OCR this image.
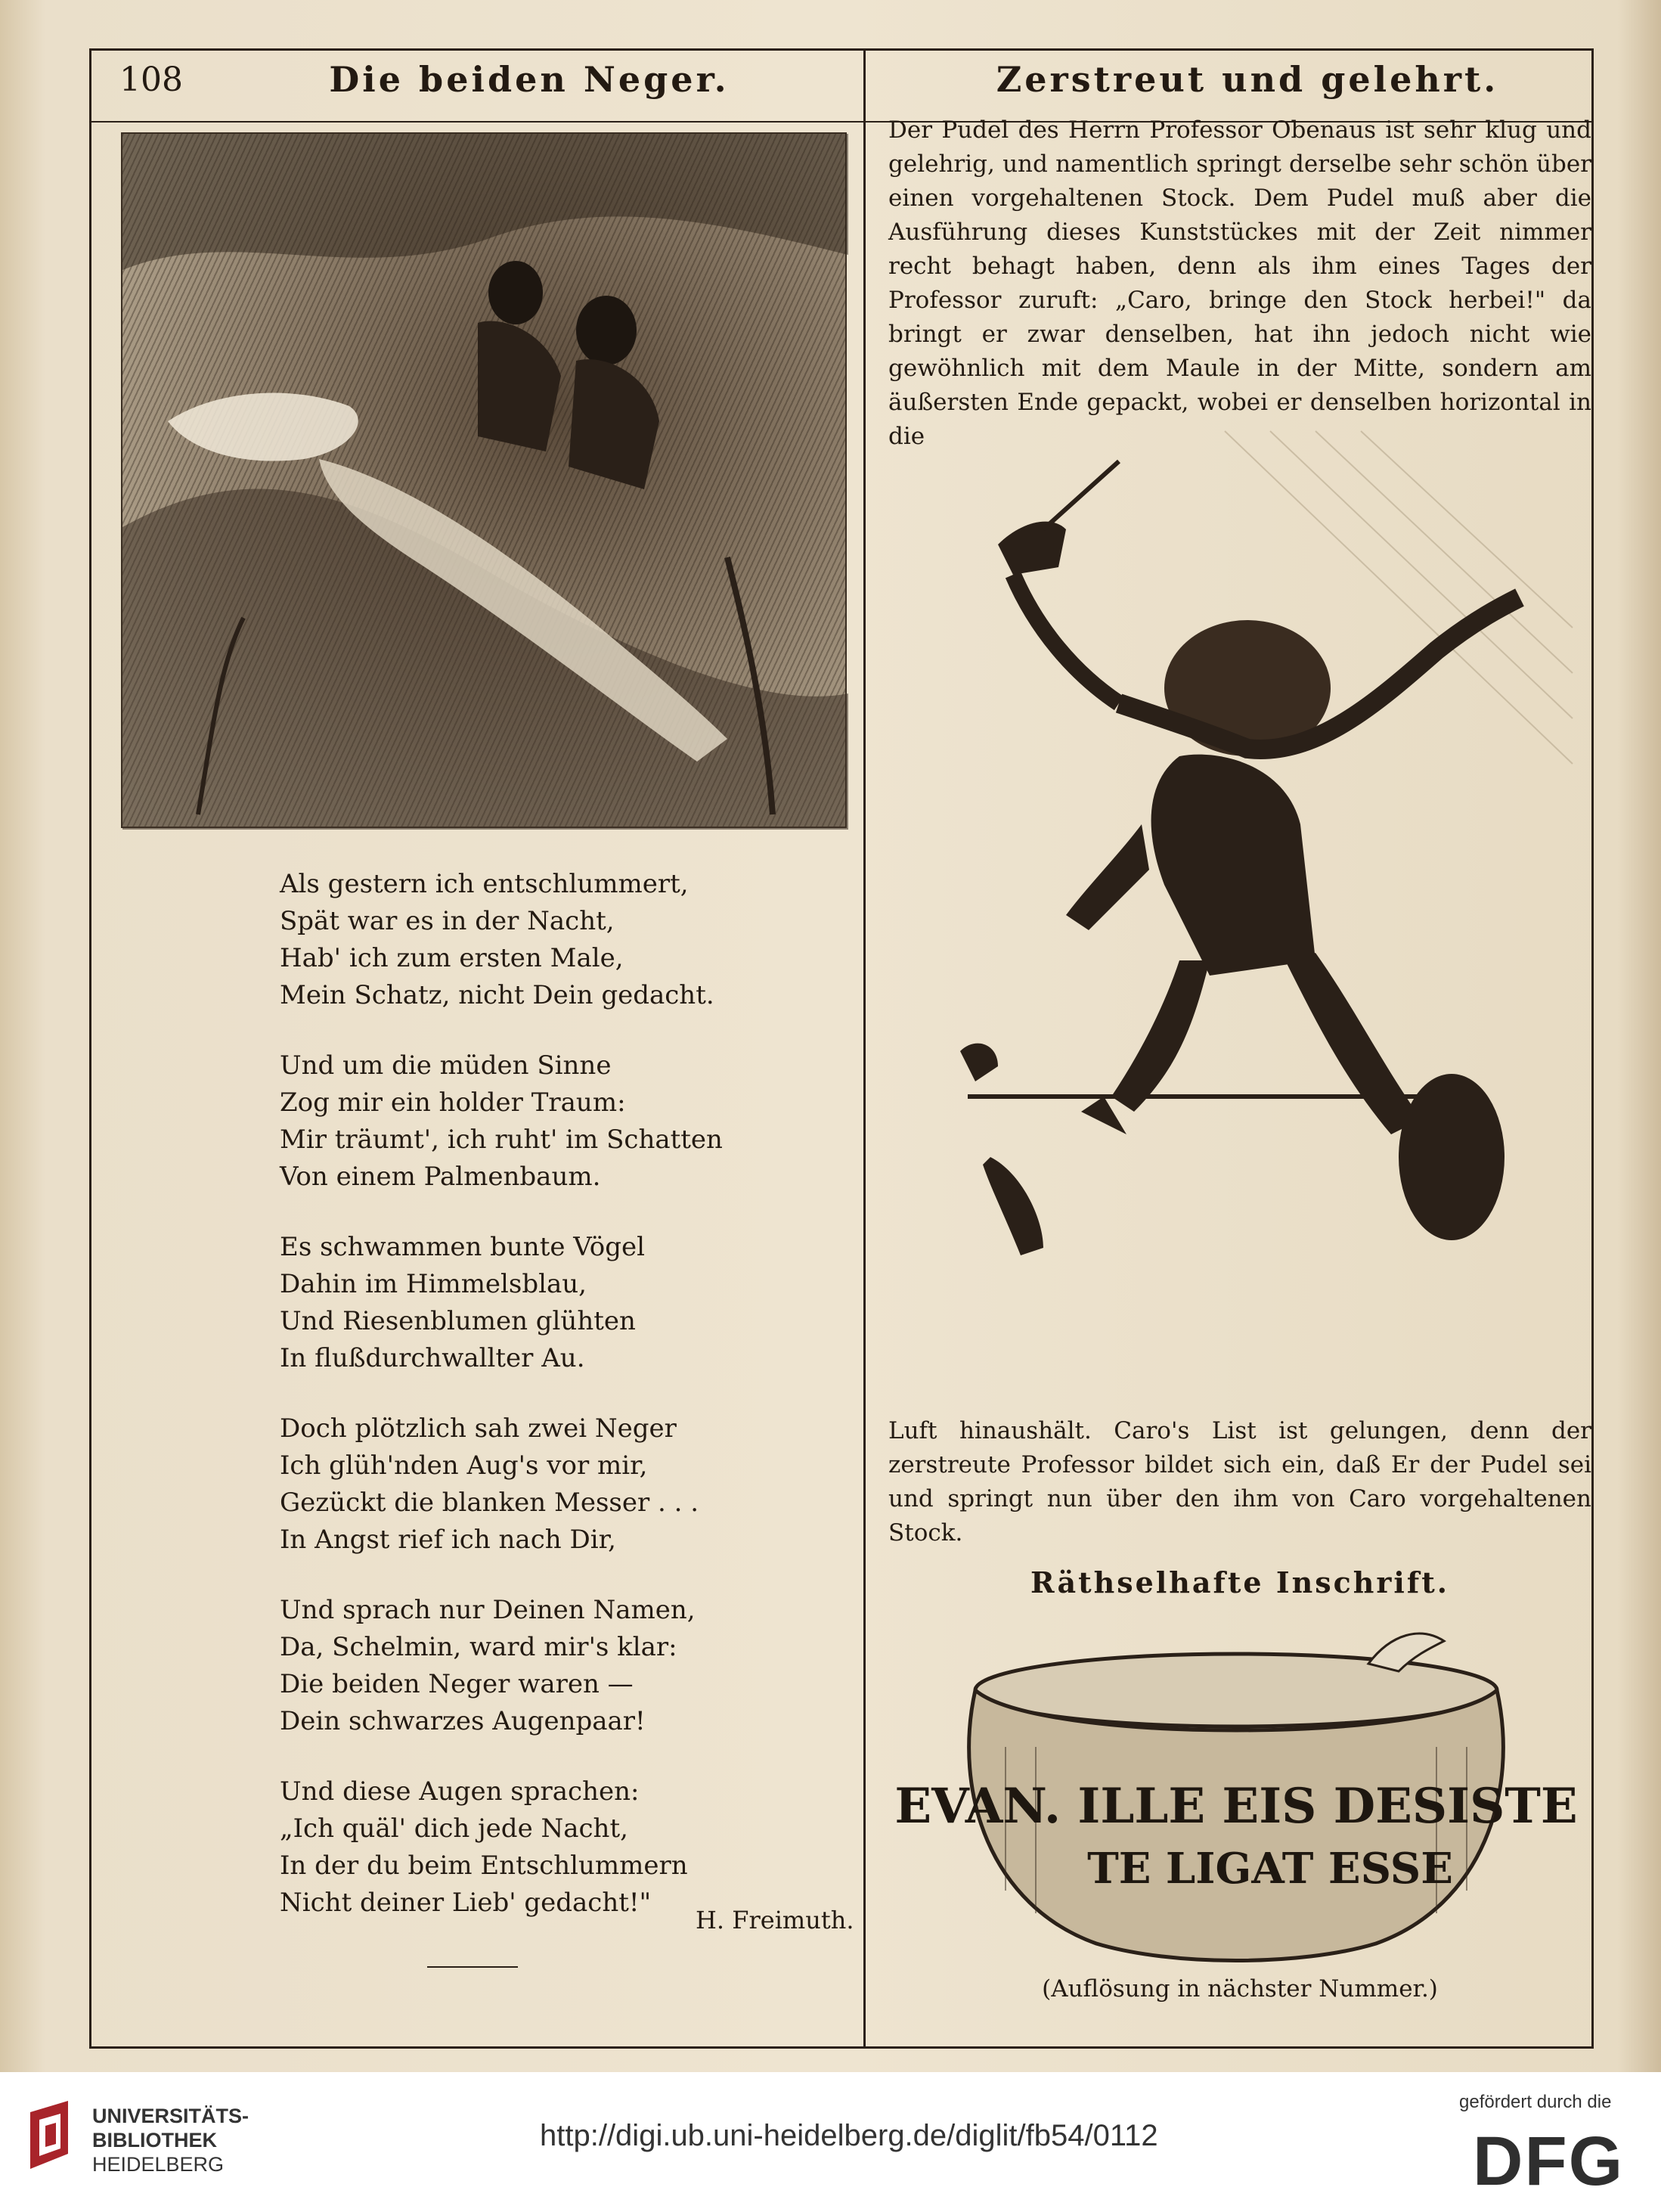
108	Die beiden Neger.	Zerstreut und gelehrt.
Als gestern ich entschlummert,
Spät war es in der Nacht,
Hab' ich zum ersten Male,
Mein Schatz, nicht Dein gedacht.
Und um die müden Sinne
Zog mir ein holder Traum:
Mir träumt', ich ruht' im Schatten
Von einem Palmenbaum.
Es schwammen bunte Vögel
Dahin im Himmelsblau,
Und Riesenblumen glühten
In flußdurchwallter Au.
Doch plötzlich sah zwei Neger
Ich glüh'nden Aug's vor mir,
Gezückt die blanken Messer . . .
In Angst rief ich nach Dir,
Und sprach nur Deinen Namen,
Da, Schelmin, ward mir's klar:
Die beiden Neger waren —
Dein schwarzes Augenpaar!
Und diese Augen sprachen:
„Ich quäl' dich jede Nacht,
In der du beim Entschlummern
Nicht deiner Lieb' gedacht!"
H. Freimuth.
Der Pudel des Herrn Professor Obenaus ist sehr klug und gelehrig, und namentlich springt derselbe sehr schön über einen vorgehaltenen Stock. Dem Pudel muß aber die Ausführung dieses Kunststückes mit der Zeit nimmer recht behagt haben, denn als ihm eines Tages der Professor zuruft: „Caro, bringe den Stock herbei!" da bringt er zwar denselben, hat ihn jedoch nicht wie gewöhnlich mit dem Maule in der Mitte, sondern am äußersten Ende gepackt, wobei er denselben horizontal in die
Luft hinaushält. Caro's List ist gelungen, denn der zerstreute Professor bildet sich ein, daß Er der Pudel sei und springt nun über den ihm von Caro vorgehaltenen Stock.
Räthselhafte Inschrift.
EVAN. ILLE EIS DESISTE
TE LIGAT ESSE
(Auflösung in nächster Nummer.)
UNIVERSITÄTS-
BIBLIOTHEK
HEIDELBERG
http://digi.ub.uni-heidelberg.de/diglit/fb54/0112
gefördert durch die
DFG
